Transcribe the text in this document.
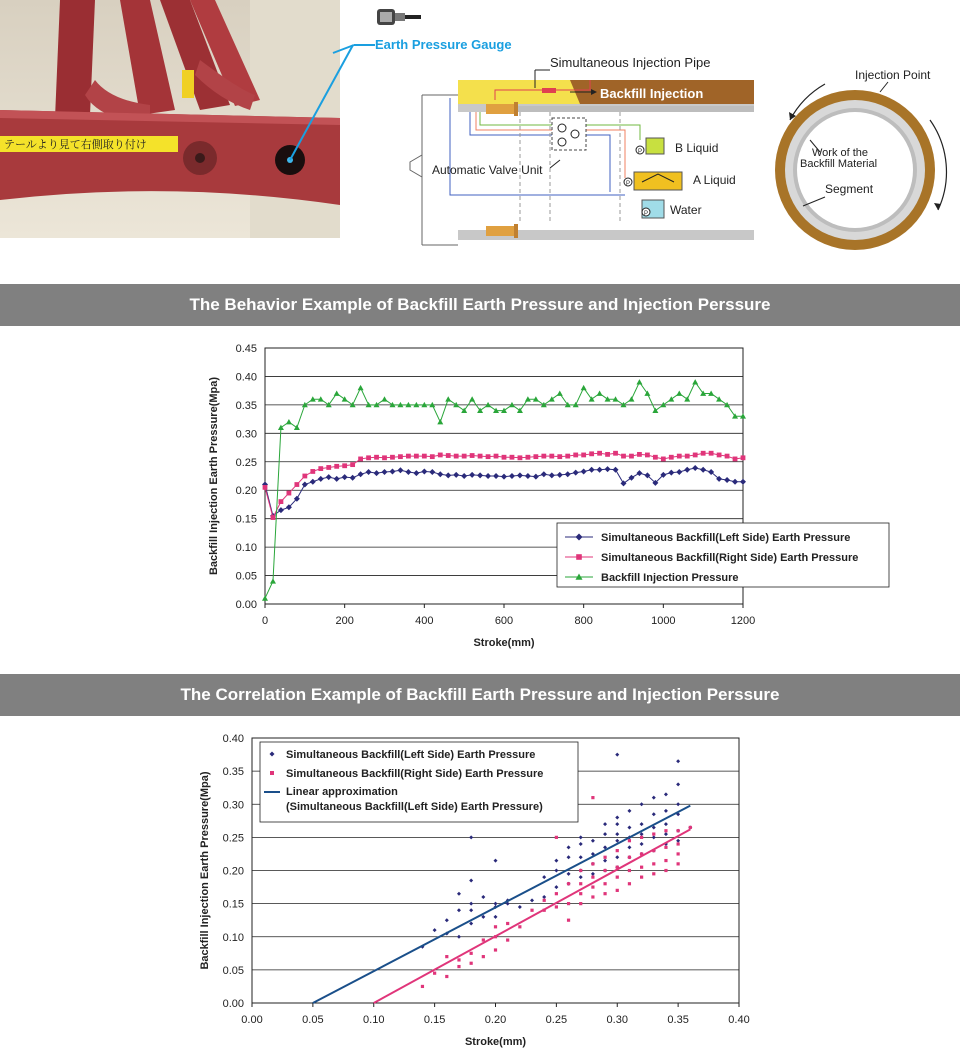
テールより見て右側取り付け
Earth Pressure Gauge
Backfill Injection
Simultaneous Injection Pipe
Automatic Valve Unit
B Liquid
P
A Liquid
P
P Water
Injection Point
Work of the
Backfill Material
Segment
The Behavior Example of Backfill Earth Pressure and Injection Perssure
The Correlation Example of Backfill Earth Pressure and Injection Perssure
0.00
0.05
0.10
0.15
0.20
0.25
0.30
0.35
0.40
0.45
0	200	400	600	800	1000	1200
Stroke(mm)
Backfill Injection Earth Pressure(Mpa)	Simultaneous Backfill(Left Side) Earth Pressure
Simultaneous Backfill(Right Side) Earth Pressure
Backfill Injection Pressure
0.00
0.05
0.10
0.15
0.20
0.25
0.30
0.35
0.40
0.00	0.05	0.10	0.15	0.20	0.25	0.30	0.35	0.40
Stroke(mm)
Backfill Injection Earth Pressure(Mpa)
Simultaneous Backfill(Left Side) Earth Pressure
Simultaneous Backfill(Right Side) Earth Pressure
Linear approximation
(Simultaneous Backfill(Left Side) Earth Pressure)
